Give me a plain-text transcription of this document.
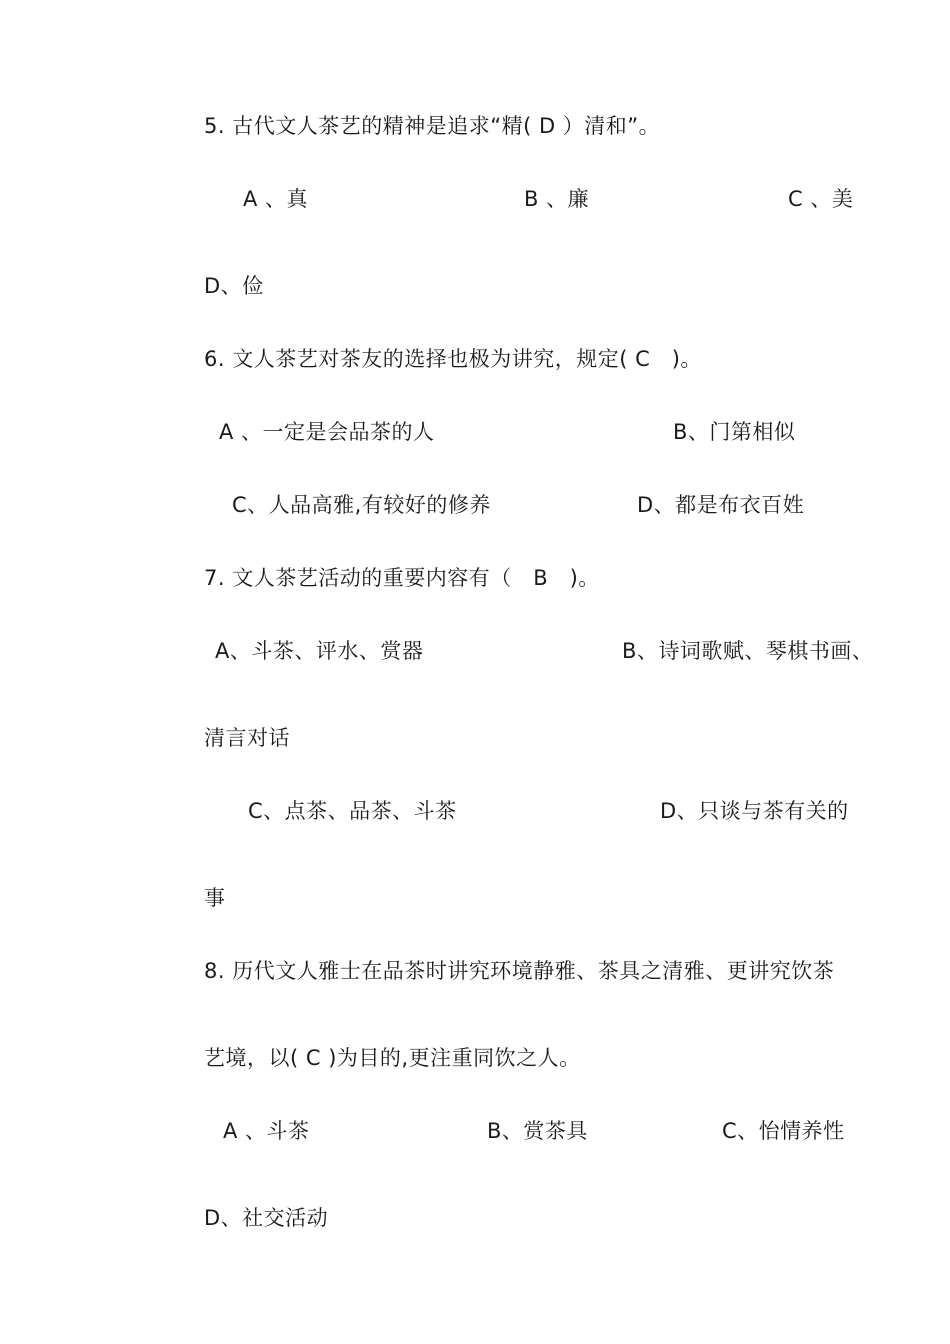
5. 古代文人茶艺的精神是追求“精( D ）清和”。
A 、真	B 、廉	C 、美
D、俭
6. 文人茶艺对茶友的选择也极为讲究，规定( C　)。
A 、一定是会品茶的人	B、门第相似
C、人品高雅,有较好的修养	D、都是布衣百姓
7. 文人茶艺活动的重要内容有（　B　)。
A、斗茶、评水、赏器	B、诗词歌赋、琴棋书画、
清言对话
C、点茶、品茶、斗茶	D、只谈与茶有关的
事
8. 历代文人雅士在品茶时讲究环境静雅、茶具之清雅、更讲究饮茶
艺境，以( C )为目的,更注重同饮之人。
A 、斗茶	B、赏茶具	C、怡情养性
D、社交活动
